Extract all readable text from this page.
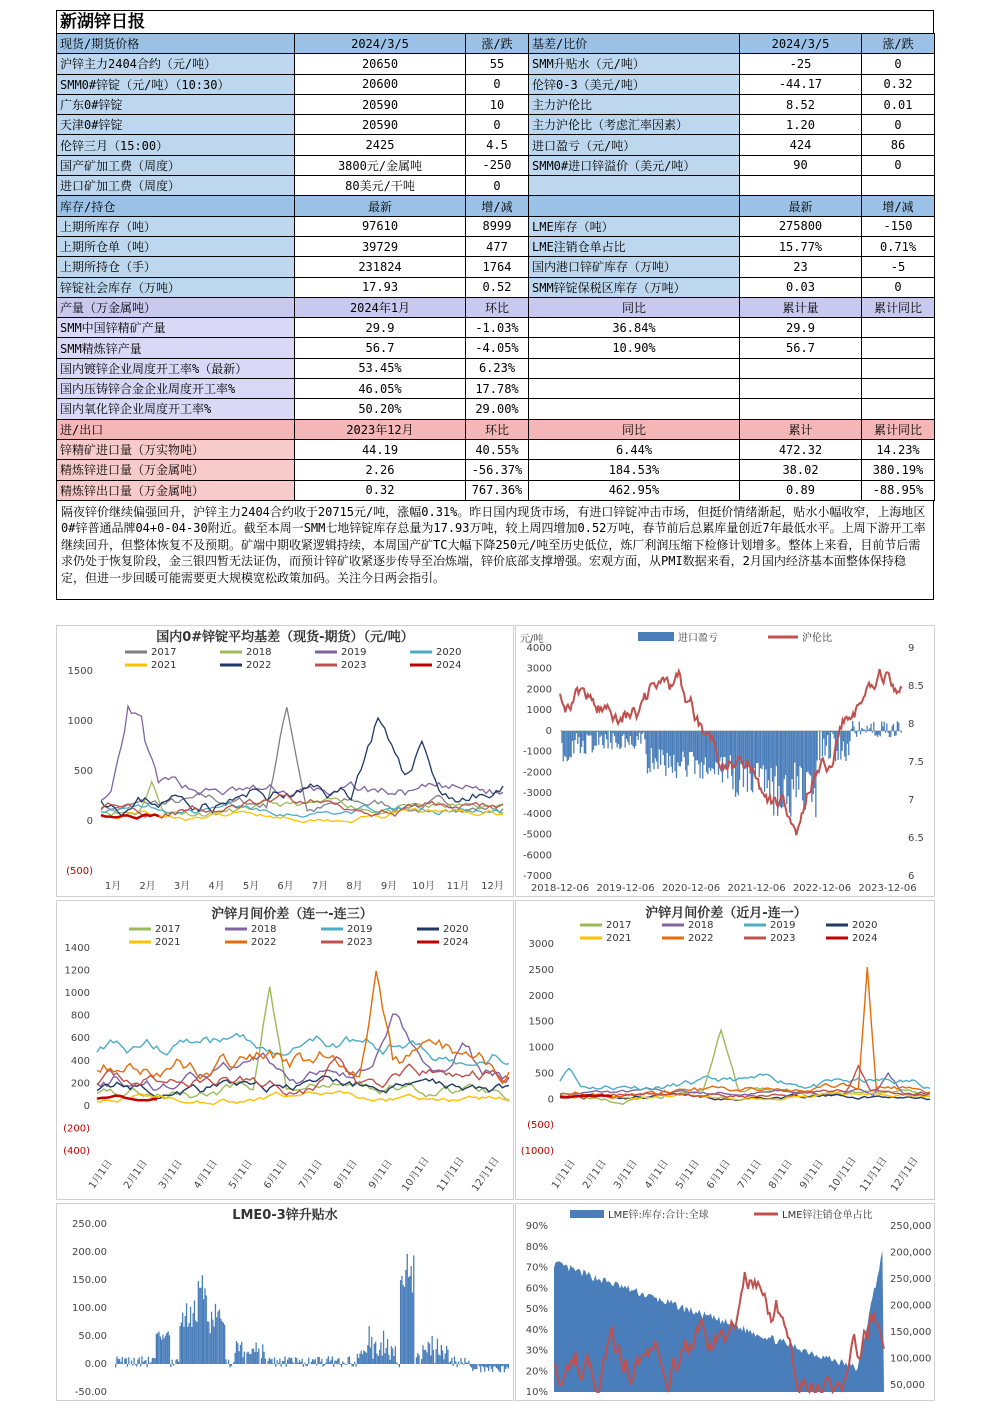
新湖锌日报
现货/期货价格	2024/3/5	涨/跌	基差/比价	2024/3/5	涨/跌
沪锌主力2404合约（元/吨）	20650	55	SMM升贴水（元/吨）	-25	0
SMM0#锌锭（元/吨）（10:30）	20600	0	伦锌0-3（美元/吨）	-44.17	0.32
广东0#锌锭	20590	10	主力沪伦比	8.52	0.01
天津0#锌锭	20590	0	主力沪伦比（考虑汇率因素）	1.20	0
伦锌三月（15:00）	2425	4.5	进口盈亏（元/吨）	424	86
国产矿加工费（周度）	3800元/金属吨	-250	SMM0#进口锌溢价（美元/吨）	90	0
进口矿加工费（周度）	80美元/干吨	0			
库存/持仓	最新	增/减		最新	增/减
上期所库存（吨）	97610	8999	LME库存（吨）	275800	-150
上期所仓单（吨）	39729	477	LME注销仓单占比	15.77%	0.71%
上期所持仓（手）	231824	1764	国内港口锌矿库存（万吨）	23	-5
锌锭社会库存（万吨）	17.93	0.52	SMM锌锭保税区库存（万吨）	0.03	0
产量（万金属吨）	2024年1月	环比	同比	累计量	累计同比
SMM中国锌精矿产量	29.9	-1.03%	36.84%	29.9	
SMM精炼锌产量	56.7	-4.05%	10.90%	56.7	
国内镀锌企业周度开工率%（最新）	53.45%	6.23%			
国内压铸锌合金企业周度开工率%	46.05%	17.78%			
国内氧化锌企业周度开工率%	50.20%	29.00%			
进/出口	2023年12月	环比	同比	累计	累计同比
锌精矿进口量（万实物吨）	44.19	40.55%	6.44%	472.32	14.23%
精炼锌进口量（万金属吨）	2.26	-56.37%	184.53%	38.02	380.19%
精炼锌出口量（万金属吨）	0.32	767.36%	462.95%	0.89	-88.95%
隔夜锌价继续偏强回升，沪锌主力2404合约收于20715元/吨，涨幅0.31%。昨日国内现货市场，有进口锌锭冲击市场，但挺价情绪渐起，贴水小幅收窄，上海地区0#锌普通品牌04+0-04-30附近。截至本周一SMM七地锌锭库存总量为17.93万吨，较上周四增加0.52万吨，春节前后总累库量创近7年最低水平。上周下游开工率继续回升，但整体恢复不及预期。矿端中期收紧逻辑持续，本周国产矿TC大幅下降250元/吨至历史低位，炼厂利润压缩下检修计划增多。整体上来看，目前节后需求仍处于恢复阶段，金三银四暂无法证伪，而预计锌矿收紧逐步传导至冶炼端，锌价底部支撑增强。宏观方面，从PMI数据来看，2月国内经济基本面整体保持稳定，但进一步回暖可能需要更大规模宽松政策加码。关注今日两会指引。
国内0#锌锭平均基差（现货-期货）（元/吨）
2017	2018	2019	2020
2021	2022	2023	2024
1500
1000
500
0
(500)
1月 2月 3月 4月 5月 6月 7月 8月 9月 10月 11月 12月
元/吨	进口盈亏	沪伦比
4000
3000
2000
1000
0
-1000
-2000
-3000
-4000
-5000
-6000
-7000
9
8.5
8
7.5
7
6.5
6
2018-12-06 2019-12-06 2020-12-06 2021-12-06 2022-12-06 2023-12-06
沪锌月间价差（连一-连三）
2017	2018	2019	2020
2021	2022	2023	2024
1400
1200
1000
800
600
400
200
0
(200)
(400)
1月1日 2月1日 3月1日 4月1日 5月1日 6月1日 7月1日 8月1日 9月1日 10月1日 11月1日 12月1日
沪锌月间价差（近月-连一）
2017	2018	2019	2020
2021	2022	2023	2024
3000
2500
2000
1500
1000
500
0
(500)
(1000)
1月1日 2月1日 3月1日 4月1日 5月1日 6月1日 7月1日 8月1日 9月1日 10月1日 11月1日 12月1日
LME0-3锌升贴水
250.00
200.00
150.00
100.00
50.00
0.00
-50.00
LME锌:库存:合计:全球	LME锌注销仓单占比
90%
80%
70%
60%
50%
40%
30%
20%
10%
250,000
200,000
250,000
200,000
150,000
100,000
50,000
